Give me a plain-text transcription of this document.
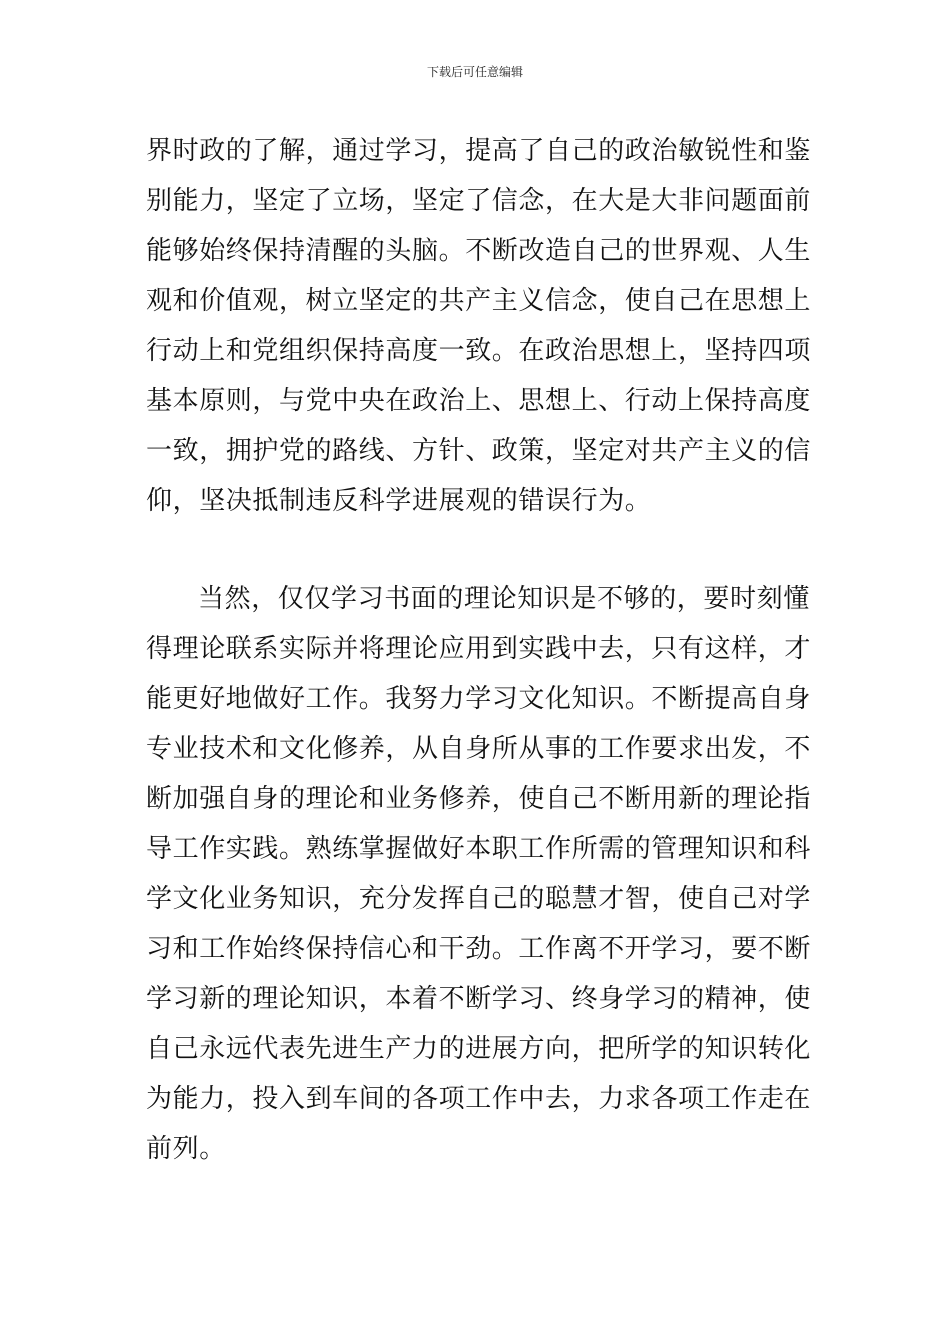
下载后可任意编辑
界时政的了解，通过学习，提高了自己的政治敏锐性和鉴
别能力，坚定了立场，坚定了信念，在大是大非问题面前
能够始终保持清醒的头脑。不断改造自己的世界观、人生
观和价值观，树立坚定的共产主义信念，使自己在思想上
行动上和党组织保持高度一致。在政治思想上，坚持四项
基本原则，与党中央在政治上、思想上、行动上保持高度
一致，拥护党的路线、方针、政策，坚定对共产主义的信
仰，坚决抵制违反科学进展观的错误行为。
当然，仅仅学习书面的理论知识是不够的，要时刻懂
得理论联系实际并将理论应用到实践中去，只有这样，才
能更好地做好工作。我努力学习文化知识。不断提高自身
专业技术和文化修养，从自身所从事的工作要求出发，不
断加强自身的理论和业务修养，使自己不断用新的理论指
导工作实践。熟练掌握做好本职工作所需的管理知识和科
学文化业务知识，充分发挥自己的聪慧才智，使自己对学
习和工作始终保持信心和干劲。工作离不开学习，要不断
学习新的理论知识，本着不断学习、终身学习的精神，使
自己永远代表先进生产力的进展方向，把所学的知识转化
为能力，投入到车间的各项工作中去，力求各项工作走在
前列。
